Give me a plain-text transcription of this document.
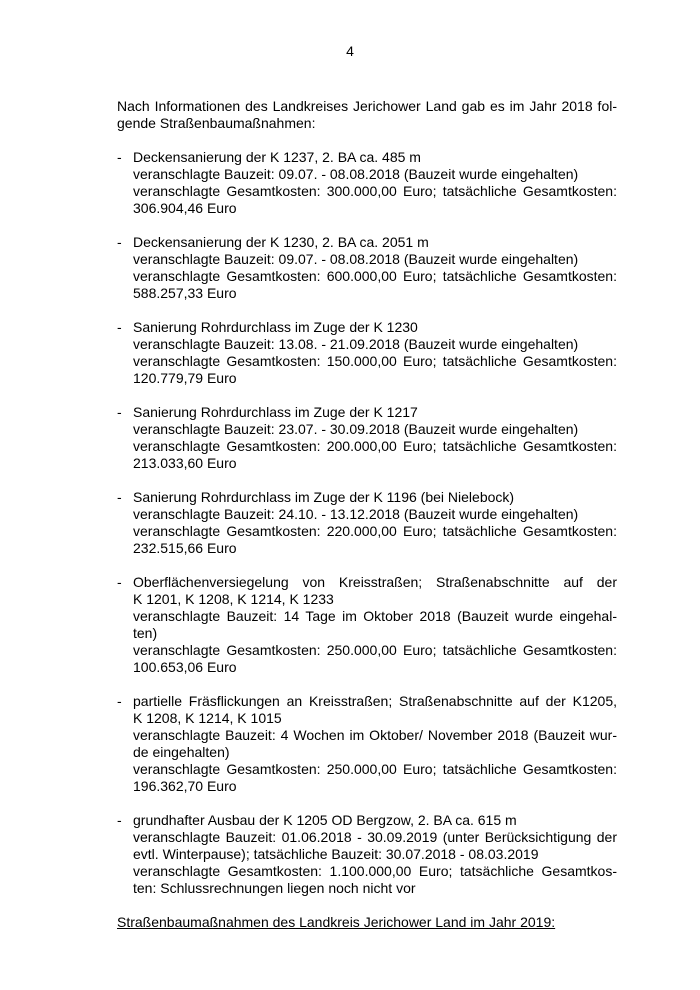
4

Nach Informationen des Landkreises Jerichower Land gab es im Jahr 2018 fol-
gende Straßenbaumaßnahmen:

- Deckensanierung der K 1237, 2. BA ca. 485 m
veranschlagte Bauzeit: 09.07. - 08.08.2018 (Bauzeit wurde eingehalten)
veranschlagte Gesamtkosten: 300.000,00 Euro; tatsächliche Gesamtkosten:
306.904,46 Euro
- Deckensanierung der K 1230, 2. BA ca. 2051 m
veranschlagte Bauzeit: 09.07. - 08.08.2018 (Bauzeit wurde eingehalten)
veranschlagte Gesamtkosten: 600.000,00 Euro; tatsächliche Gesamtkosten:
588.257,33 Euro
- Sanierung Rohrdurchlass im Zuge der K 1230
veranschlagte Bauzeit: 13.08. - 21.09.2018 (Bauzeit wurde eingehalten)
veranschlagte Gesamtkosten: 150.000,00 Euro; tatsächliche Gesamtkosten:
120.779,79 Euro
- Sanierung Rohrdurchlass im Zuge der K 1217
veranschlagte Bauzeit: 23.07. - 30.09.2018 (Bauzeit wurde eingehalten)
veranschlagte Gesamtkosten: 200.000,00 Euro; tatsächliche Gesamtkosten:
213.033,60 Euro
- Sanierung Rohrdurchlass im Zuge der K 1196 (bei Nielebock)
veranschlagte Bauzeit: 24.10. - 13.12.2018 (Bauzeit wurde eingehalten)
veranschlagte Gesamtkosten: 220.000,00 Euro; tatsächliche Gesamtkosten:
232.515,66 Euro
- Oberflächenversiegelung von Kreisstraßen; Straßenabschnitte auf der
K 1201, K 1208, K 1214, K 1233
veranschlagte Bauzeit: 14 Tage im Oktober 2018 (Bauzeit wurde eingehal-
ten)
veranschlagte Gesamtkosten: 250.000,00 Euro; tatsächliche Gesamtkosten:
100.653,06 Euro
- partielle Fräsflickungen an Kreisstraßen; Straßenabschnitte auf der K1205,
K 1208, K 1214, K 1015
veranschlagte Bauzeit: 4 Wochen im Oktober/ November 2018 (Bauzeit wur-
de eingehalten)
veranschlagte Gesamtkosten: 250.000,00 Euro; tatsächliche Gesamtkosten:
196.362,70 Euro
- grundhafter Ausbau der K 1205 OD Bergzow, 2. BA ca. 615 m
veranschlagte Bauzeit: 01.06.2018 - 30.09.2019 (unter Berücksichtigung der
evtl. Winterpause); tatsächliche Bauzeit: 30.07.2018 - 08.03.2019
veranschlagte Gesamtkosten: 1.100.000,00 Euro; tatsächliche Gesamtkos-
ten: Schlussrechnungen liegen noch nicht vor
Straßenbaumaßnahmen des Landkreis Jerichower Land im Jahr 2019:
